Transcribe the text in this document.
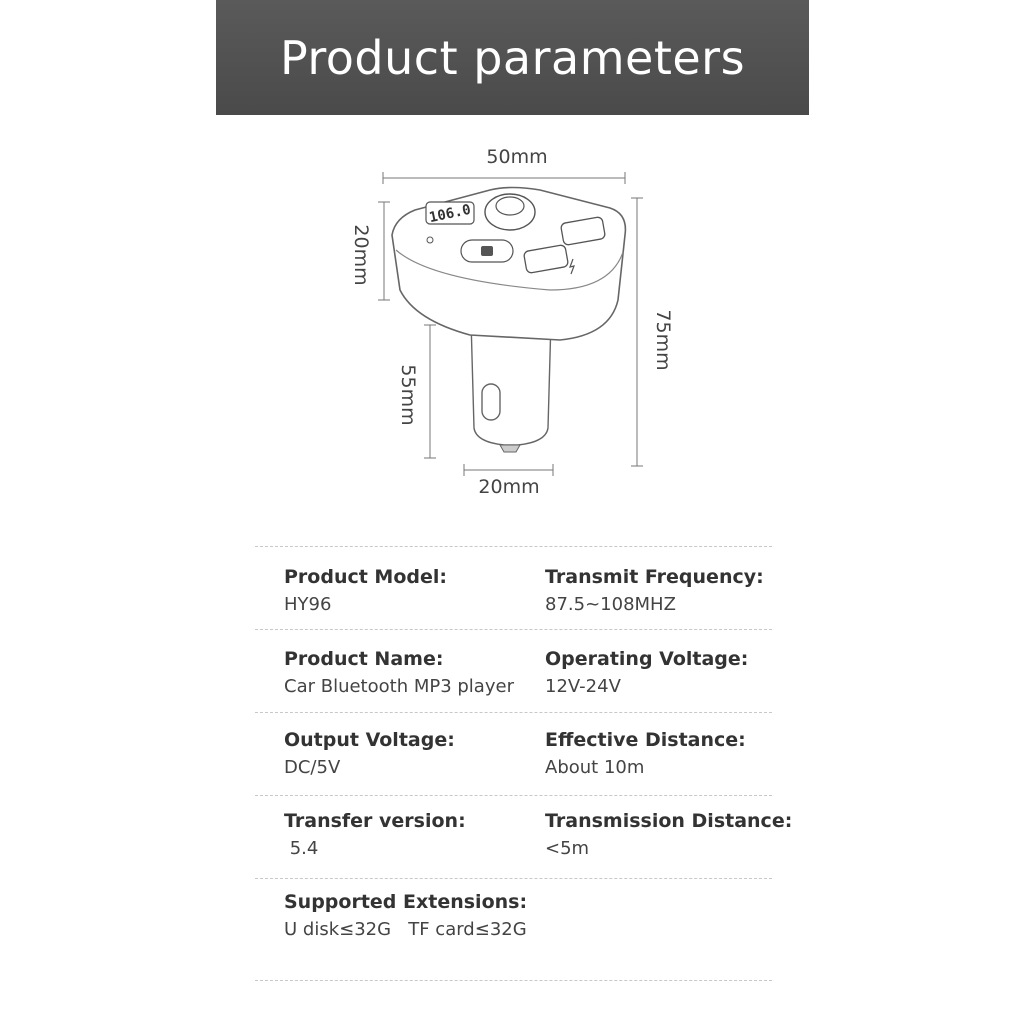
Product parameters
106.0
50mm
20mm
75mm
55mm
20mm
Product Model:
HY96
Transmit Frequency:
87.5~108MHZ
Product Name:
Car Bluetooth MP3 player
Operating Voltage:
12V-24V
Output Voltage:
DC/5V
Effective Distance:
About 10m
Transfer version:
5.4
Transmission Distance:
<5m
Supported Extensions:
U disk≤32G   TF card≤32G
